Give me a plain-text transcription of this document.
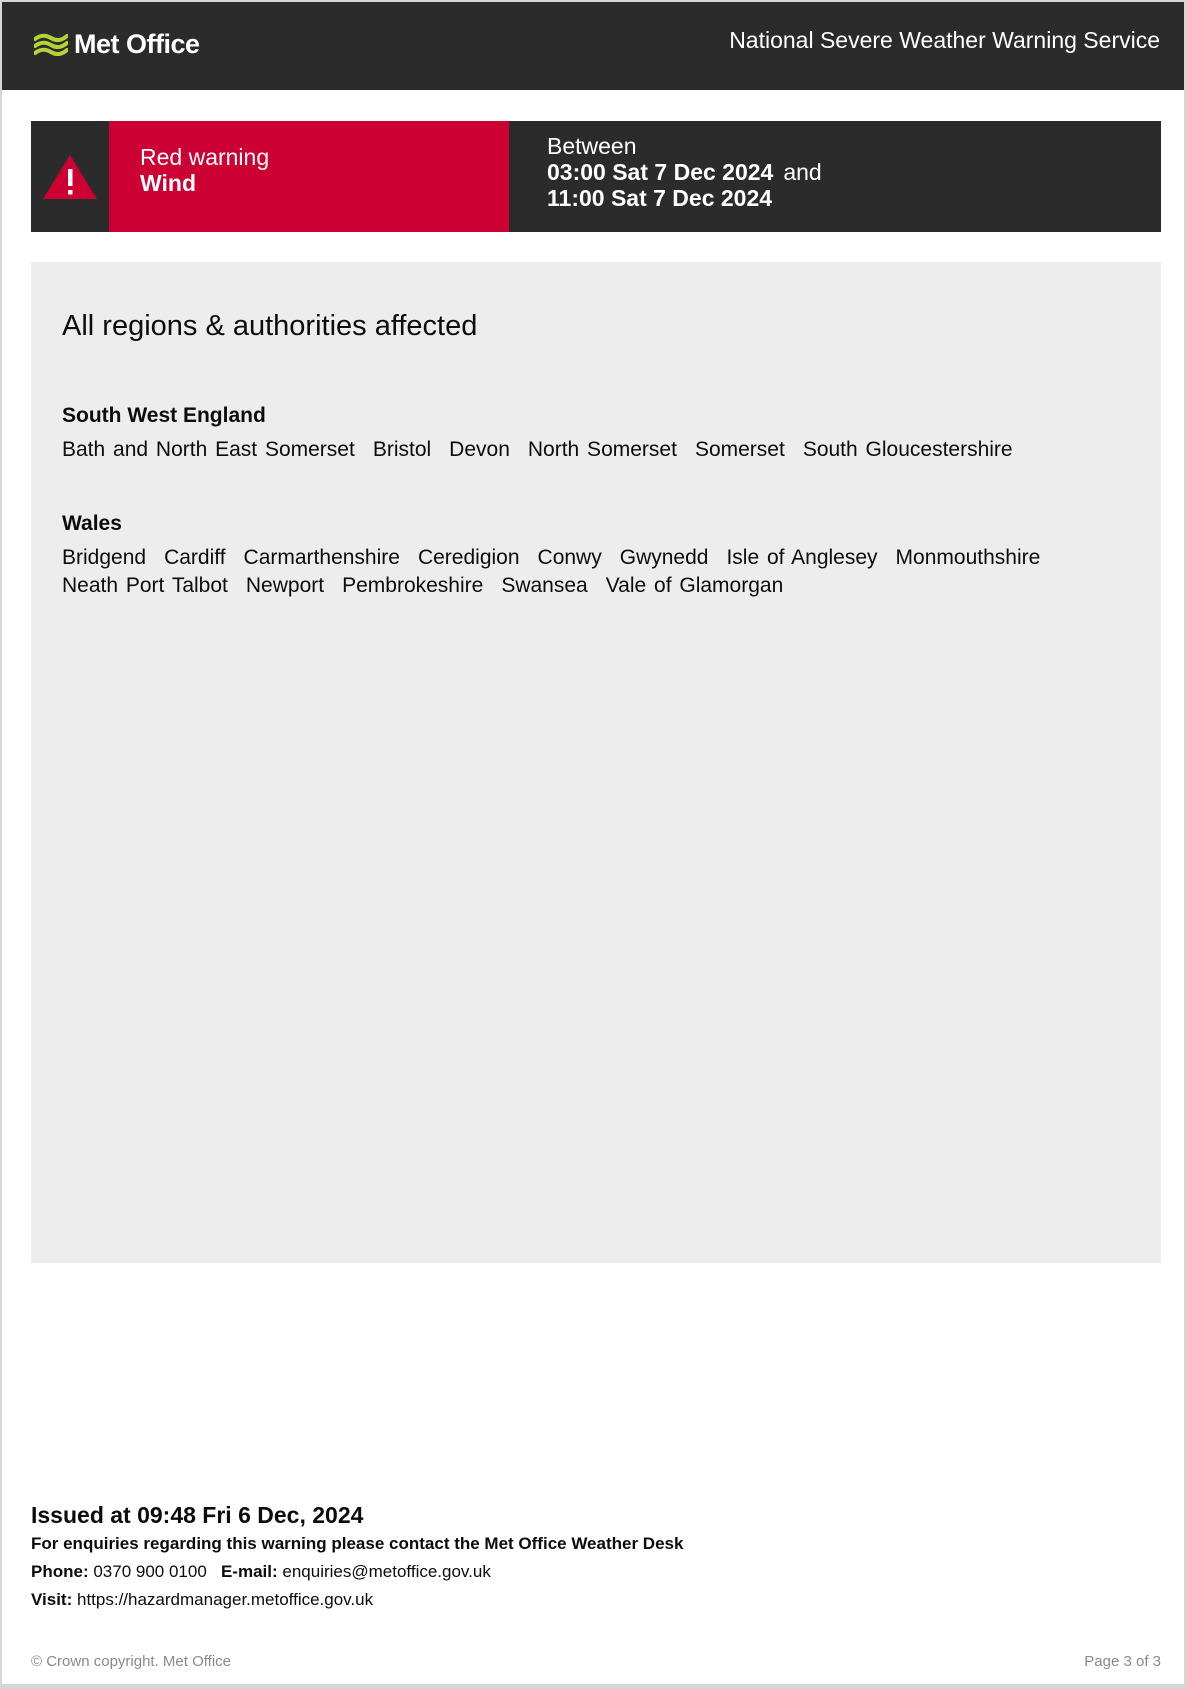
Met Office	National Severe Weather Warning Service
Red warning
Wind
Between
03:00 Sat 7 Dec 2024 and
11:00 Sat 7 Dec 2024
All regions & authorities affected
South West England
Bath and North East Somerset Bristol Devon North Somerset Somerset South Gloucestershire
Wales
Bridgend Cardiff Carmarthenshire Ceredigion Conwy Gwynedd Isle of Anglesey Monmouthshire
Neath Port Talbot Newport Pembrokeshire Swansea Vale of Glamorgan
Issued at 09:48 Fri 6 Dec, 2024
For enquiries regarding this warning please contact the Met Office Weather Desk
Phone: 0370 900 0100 E-mail: enquiries@metoffice.gov.uk
Visit: https://hazardmanager.metoffice.gov.uk
© Crown copyright. Met Office	Page 3 of 3
